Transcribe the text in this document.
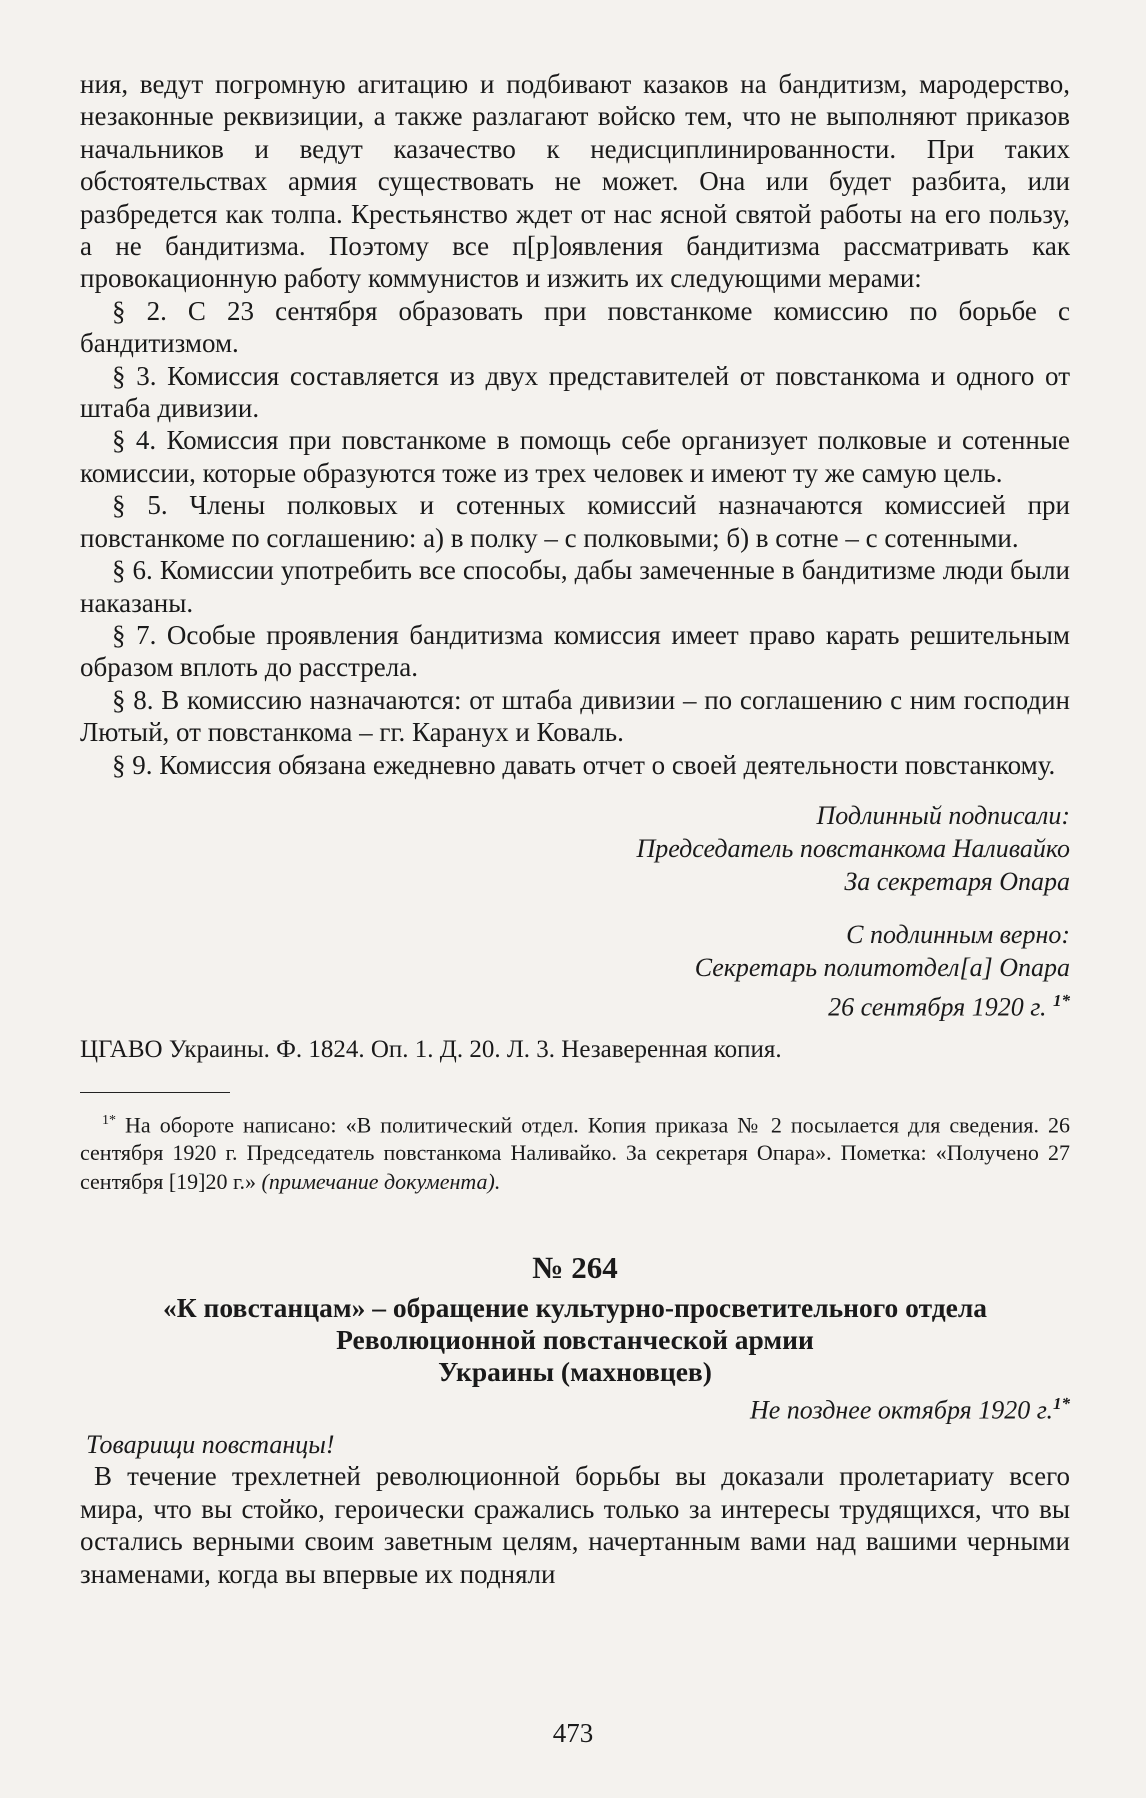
ния, ведут погромную агитацию и подбивают казаков на бандитизм, мародерство, незаконные реквизиции, а также разлагают войско тем, что не выполняют приказов начальников и ведут казачество к недисциплинированности. При таких обстоятельствах армия существовать не может. Она или будет разбита, или разбредется как толпа. Крестьянство ждет от нас ясной святой работы на его пользу, а не бандитизма. Поэтому все п[р]оявления бандитизма рассматривать как провокационную работу коммунистов и изжить их следующими мерами:

§ 2. С 23 сентября образовать при повстанкоме комиссию по борьбе с бандитизмом.

§ 3. Комиссия составляется из двух представителей от повстанкома и одного от штаба дивизии.

§ 4. Комиссия при повстанкоме в помощь себе организует полковые и сотенные комиссии, которые образуются тоже из трех человек и имеют ту же самую цель.

§ 5. Члены полковых и сотенных комиссий назначаются комиссией при повстанкоме по соглашению: а) в полку – с полковыми; б) в сотне – с сотенными.

§ 6. Комиссии употребить все способы, дабы замеченные в бандитизме люди были наказаны.

§ 7. Особые проявления бандитизма комиссия имеет право карать решительным образом вплоть до расстрела.

§ 8. В комиссию назначаются: от штаба дивизии – по соглашению с ним господин Лютый, от повстанкома – гг. Каранух и Коваль.

§ 9. Комиссия обязана ежедневно давать отчет о своей деятельности повстанкому.

Подлинный подписали:
Председатель повстанкома Наливайко
За секретаря Опара
С подлинным верно:
Секретарь политотдел[а] Опара
26 сентября 1920 г. $^{1*}$
ЦГАВО Украины. Ф. 1824. Оп. 1. Д. 20. Л. 3. Незаверенная копия.
$^{1*}$ На обороте написано: «В политический отдел. Копия приказа № 2 посылается для сведения. 26 сентября 1920 г. Председатель повстанкома Наливайко. За секретаря Опара». Пометка: «Получено 27 сентября [19]20 г.» (примечание документа).
№ 264
«К повстанцам» – обращение культурно-просветительного отдела
Революционной повстанческой армии
Украины (махновцев)
Не позднее октября 1920 г.$^{1*}$
Товарищи повстанцы!

В течение трехлетней революционной борьбы вы доказали пролетариату всего мира, что вы стойко, героически сражались только за интересы трудящихся, что вы остались верными своим заветным целям, начертанным вами над вашими черными знаменами, когда вы впервые их подняли

473
